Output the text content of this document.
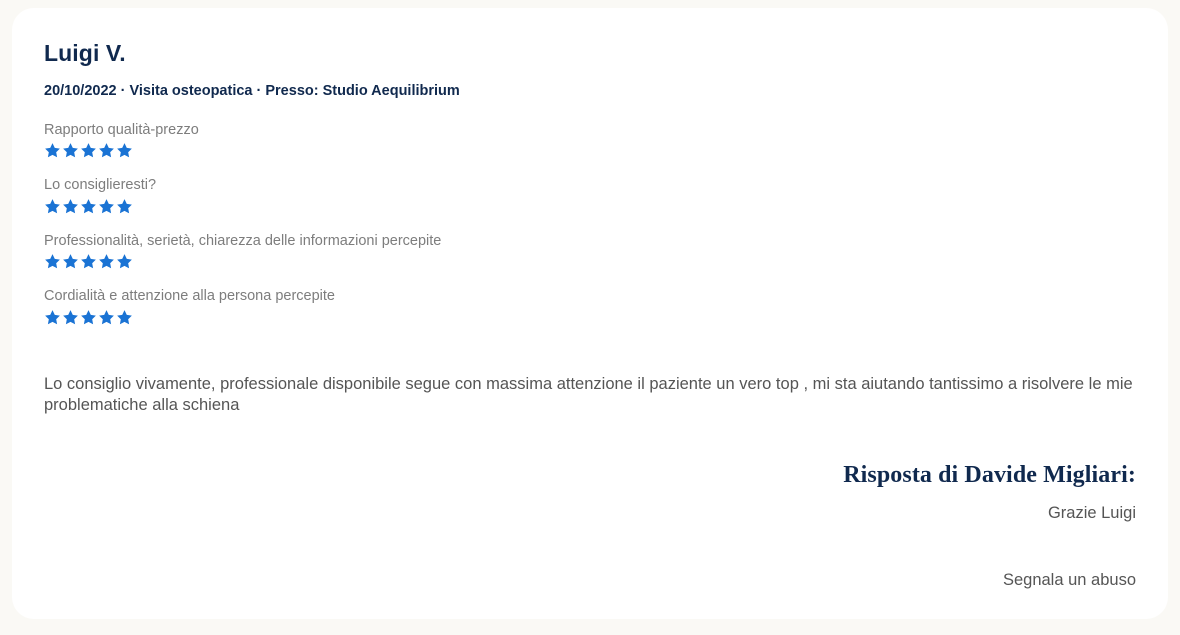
Luigi V.
20/10/2022 · Visita osteopatica · Presso: Studio Aequilibrium
Rapporto qualità-prezzo
Lo consiglieresti?
Professionalità, serietà, chiarezza delle informazioni percepite
Cordialità e attenzione alla persona percepite
Lo consiglio vivamente, professionale disponibile segue con massima attenzione il paziente un vero top , mi sta aiutando tantissimo a risolvere le mie problematiche alla schiena
Risposta di Davide Migliari:
Grazie Luigi
Segnala un abuso
